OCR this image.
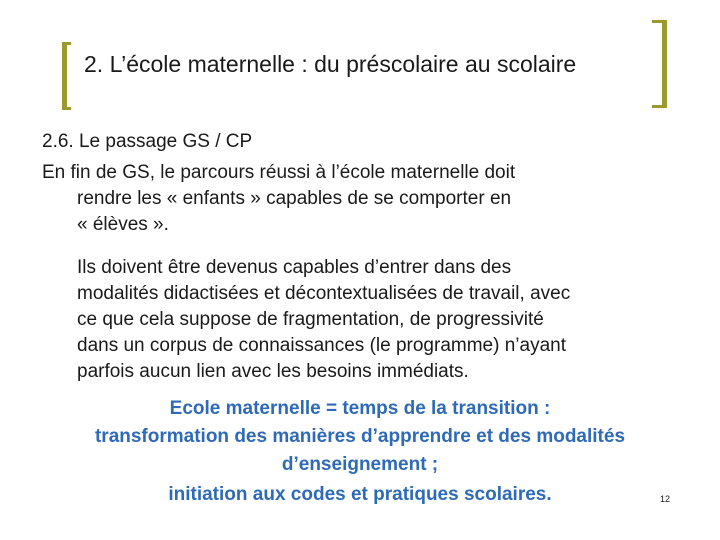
2. L’école maternelle : du préscolaire au scolaire

2.6. Le passage GS / CP

En fin de GS, le parcours réussi à l’école maternelle doit

rendre les « enfants » capables de se comporter en

« élèves ».

Ils doivent être devenus capables d’entrer dans des

modalités didactisées et décontextualisées de travail, avec

ce que cela suppose de fragmentation, de progressivité

dans un corpus de connaissances (le programme) n’ayant

parfois aucun lien avec les besoins immédiats.

Ecole maternelle = temps de la transition :

transformation des manières d’apprendre et des modalités

d’enseignement ;

initiation aux codes et pratiques scolaires.	12
